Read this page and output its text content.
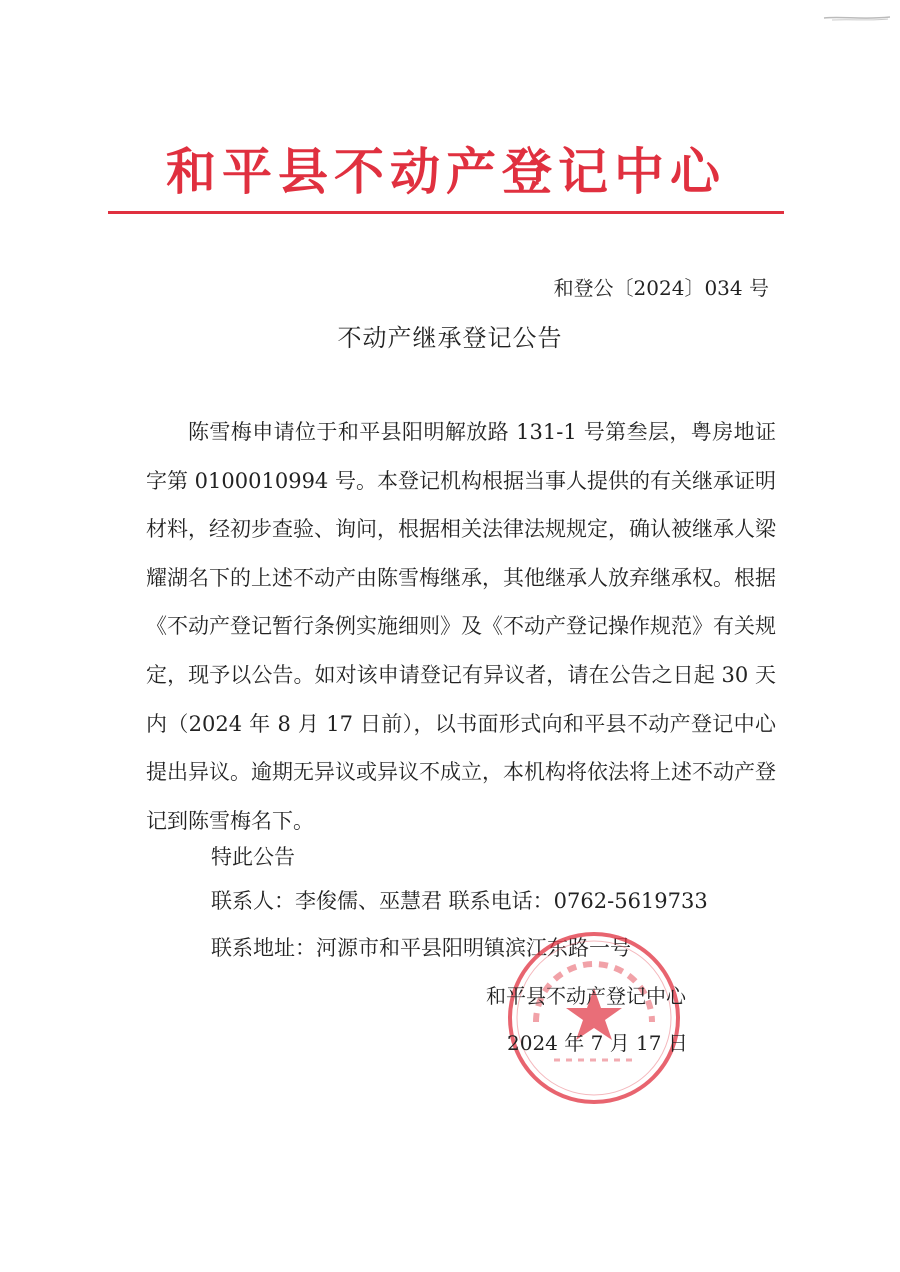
和平县不动产登记中心
和登公〔2024〕034 号
不动产继承登记公告

陈雪梅申请位于和平县阳明解放路 131-1 号第叁层，粤房地证字第 0100010994 号。本登记机构根据当事人提供的有关继承证明材料，经初步查验、询问，根据相关法律法规规定，确认被继承人梁耀湖名下的上述不动产由陈雪梅继承，其他继承人放弃继承权。根据《不动产登记暂行条例实施细则》及《不动产登记操作规范》有关规定，现予以公告。如对该申请登记有异议者，请在公告之日起 30 天内（2024 年 8 月 17 日前），以书面形式向和平县不动产登记中心提出异议。逾期无异议或异议不成立，本机构将依法将上述不动产登记到陈雪梅名下。

特此公告
联系人：李俊儒、巫慧君 联系电话：0762-5619733
联系地址：河源市和平县阳明镇滨江东路一号
和平县不动产登记中心
2024 年 7 月 17 日
